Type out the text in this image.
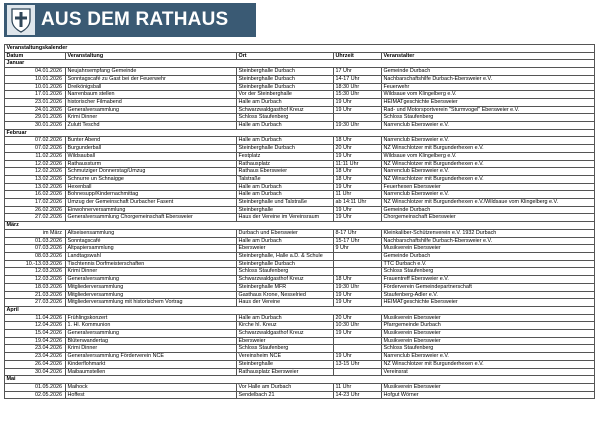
AUS DEM RATHAUS
Veranstaltungskalender				
Datum	Veranstaltung	Ort	Uhrzeit	Veranstalter
Januar				
04.01.2026	Neujahrsempfang Gemeinde	Steinberghalle Durbach	17 Uhr	Gemeinde Durbach
10.01.2026	Sonntagscafé zu Gast bei der Feuerwehr	Steinberghalle Durbach	14-17 Uhr	Nachbarschaftshilfe Durbach-Ebersweier e.V.
10.01.2026	Dreikönigsball	Steinberghalle Durbach	18:30 Uhr	Feuerwehr
17.01.2026	Narrenbaum stellen	Vor der Steinberghalle	15:30 Uhr	Wildsaue vom Klingelberg e.V.
23.01.2026	historischer Filmabend	Halle am Durbach	19 Uhr	HEIMATgeschichte Ebersweier
24.01.2026	Generalversammlung	Schwarzwaldgasthof Kreuz	19 Uhr	Rad- und Motorsportverein "Sturmvogel" Ebersweier e.V.
29.01.2026	Krimi Dinner	Schloss Staufenberg		Schloss Staufenberg
30.01.2026	Zulutt Teschd	Halle am Durbach	19:30 Uhr	Narrenclub Ebersweier e.V.
Februar				
07.02.2026	Bunter Abend	Halle am Durbach	18 Uhr	Narrenclub Ebersweier e.V.
07.02.2026	Burgunderball	Steinberghalle Durbach	20 Uhr	NZ Winschlotzer mit Burgunderhexen e.V.
11.02.2026	Wildsauball	Festplatz	19 Uhr	Wildsaue vom Klingelberg e.V.
12.02.2026	Rathaussturm	Rathausplatz	11:11 Uhr	NZ Winschlotzer mit Burgunderhexen e.V.
12.02.2026	Schmutziger Donnerstag/Umzug	Rathaus Ebersweier	18 Uhr	Narrenclub Ebersweier e.V.
13.02.2026	Schnurre un Schnaigge	Talstraße	18 Uhr	NZ Winschlotzer mit Burgunderhexen e.V.
13.02.2026	Hexenball	Halle am Durbach	19 Uhr	Feuerhexen Ebersweier
16.02.2026	Bohnesupp/Kindernachmittag	Halle am Durbach	11 Uhr	Narrenclub Ebersweier e.V.
17.02.2026	Umzug der Gemeinschaft Durbacher Fasent	Steinberghalle und Talstraße	ab 14:11 Uhr	NZ Winschlotzer mit Burgunderhexen e.V./Wildsaue vom Klingelberg e.V.
26.02.2026	Einwohnerversammlung	Steinberghalle	19 Uhr	Gemeinde Durbach
27.02.2026	Generalversammlung Chorgemeinschaft Ebersweier	Haus der Vereine im Vereinsraum	19 Uhr	Chorgemeinschaft Ebersweier
März				
im März	Altseisensammlung	Durbach und Ebersweier	8-17 Uhr	Kleinkaliber-Schützenverein e.V. 1932 Durbach
01.03.2026	Sonntagscafé	Halle am Durbach	15-17 Uhr	Nachbarschaftshilfe Durbach-Ebersweier e.V.
07.03.2026	Altpapiersammlung	Ebersweier	9 Uhr	Musikverein Ebersweier
08.03.2026	Landtagswahl	Steinberghalle, Halle a.D. & Schule		Gemeinde Durbach
10.-13.03.2026	Tischtennis Dorfmeisterschaften	Steinberghalle Durbach		TTC Durbach e.V.
12.03.2026	Krimi Dinner	Schloss Staufenberg		Schloss Staufenberg
12.03.2026	Generalversammlung	Schwarzwaldgasthof Kreuz	18 Uhr	Frauentreff Ebersweier e.V.
18.03.2026	Mitgliederversammlung	Steinberghalle MFR	19:30 Uhr	Förderverein Gemeindepartnerschaft
21.03.2026	Mitgliederversammlung	Gasthaus Krone, Nesselried	19 Uhr	Staufenberg-Adler e.V.
27.03.2026	Mitgliederversammlung mit historischem Vortrag	Haus der Vereine	19 Uhr	HEIMATgeschichte Ebersweier
April				
11.04.2026	Frühlingskonzert	Halle am Durbach	20 Uhr	Musikverein Ebersweier
12.04.2026	1. Hl. Kommunion	Kirche hl. Kreuz	10:30 Uhr	Pfarrgemeinde Durbach
15.04.2026	Generalversammlung	Schwarzwaldgasthof Kreuz	19 Uhr	Musikverein Ebersweier
19.04.2026	Blütenwandertag	Ebersweier		Musikverein Ebersweier
23.04.2026	Krimi Dinner	Schloss Staufenberg		Schloss Staufenberg
23.04.2026	Generalversammlung Förderverein NCE	Vereinsheim NCE	19 Uhr	Narrenclub Ebersweier e.V.
26.04.2026	Kinderflohmarkt	Steinberghalle	13-15 Uhr	NZ Winschlotzer mit Burgunderhexen e.V.
30.04.2026	Maibaumstellen	Rathausplatz Ebersweier		Vereinsrat
Mai				
01.05.2026	Maihock	Vor Halle am Durbach	11 Uhr	Musikverein Ebersweier
02.05.2026	Hoffest	Sendelbach 21	14-23 Uhr	Hofgut Wörner
